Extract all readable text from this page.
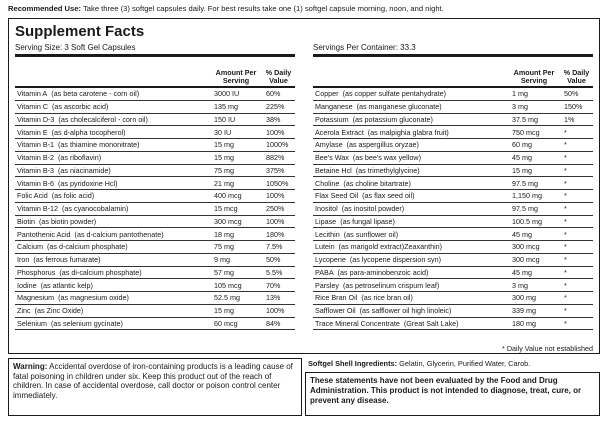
Recommended Use: Take three (3) softgel capsules daily. For best results take one (1) softgel capsule morning, noon, and night.
Supplement Facts
Serving Size: 3 Soft Gel Capsules	Servings Per Container: 33.3
	Amount Per Serving	% Daily Value
Vitamin A (as beta carotene - corn oil)	3000 IU	60%
Vitamin C (as ascorbic acid)	135 mg	225%
Vitamin D-3 (as cholecalciferol - corn oil)	150 IU	38%
Vitamin E (as d-alpha tocopherol)	30 IU	100%
Vitamin B-1 (as thiamine mononitrate)	15 mg	1000%
Vitamin B-2 (as riboflavin)	15 mg	882%
Vitamin B-3 (as niacinamide)	75 mg	375%
Vitamin B-6 (as pyridoxine Hcl)	21 mg	1050%
Folic Acid (as folic acid)	400 mcg	100%
Vitamin B-12 (as cyanocobalamin)	15 mcg	250%
Biotin (as biotin powder)	300 mcg	100%
Pantothenic Acid (as d-calcium pantothenate)	18 mg	180%
Calcium (as d-calcium phosphate)	75 mg	7.5%
Iron (as ferrous fumarate)	9 mg	50%
Phosphorus (as di-calcium phosphate)	57 mg	5.5%
Iodine (as atlantic kelp)	105 mcg	70%
Magnesium (as magnesium oxide)	52.5 mg	13%
Zinc (as Zinc Oxide)	15 mg	100%
Selenium (as selenium gycinate)	60 mcg	84%
	Amount Per Serving	% Daily Value
Copper (as copper sulfate pentahydrate)	1 mg	50%
Manganese (as manganese gluconate)	3 mg	150%
Potassium (as potassium gluconate)	37.5 mg	1%
Acerola Extract (as malpighia glabra fruit)	750 mcg	*
Amylase (as aspergillus oryzae)	60 mg	*
Bee's Wax (as bee's wax yellow)	45 mg	*
Betaine Hcl (as trimethylglycine)	15 mg	*
Choline (as choline bitartrate)	97.5 mg	*
Flax Seed Oil (as flax seed oil)	1,150 mg	*
Inositol (as inositol powder)	97.5 mg	*
Lipase (as fungal lipase)	100.5 mg	*
Lecithin (as sunflower oil)	45 mg	*
Lutein (as marigold extract)Zeaxanthin)	300 mcg	*
Lycopene (as lycopene dispersion syn)	300 mcg	*
PABA (as para-aminobenzoic acid)	45 mg	*
Parsley (as petroselinum crispum leaf)	3 mg	*
Rice Bran Oil (as rice bran oil)	300 mg	*
Safflower Oil (as safflower oil high linoleic)	339 mg	*
Trace Mineral Concentrate (Great Salt Lake)	180 mg	*
* Daily Value not established
Warning: Accidental overdose of iron-containing products is a leading cause of fatal poisoning in children under six. Keep this product out of the reach of children. In case of accidental overdose, call doctor or poison control center immediately.
Softgel Shell Ingredients: Gelatin, Glycerin, Purified Water, Carob.
These statements have not been evaluated by the Food and Drug Administration. This product is not intended to diagnose, treat, cure, or prevent any disease.
